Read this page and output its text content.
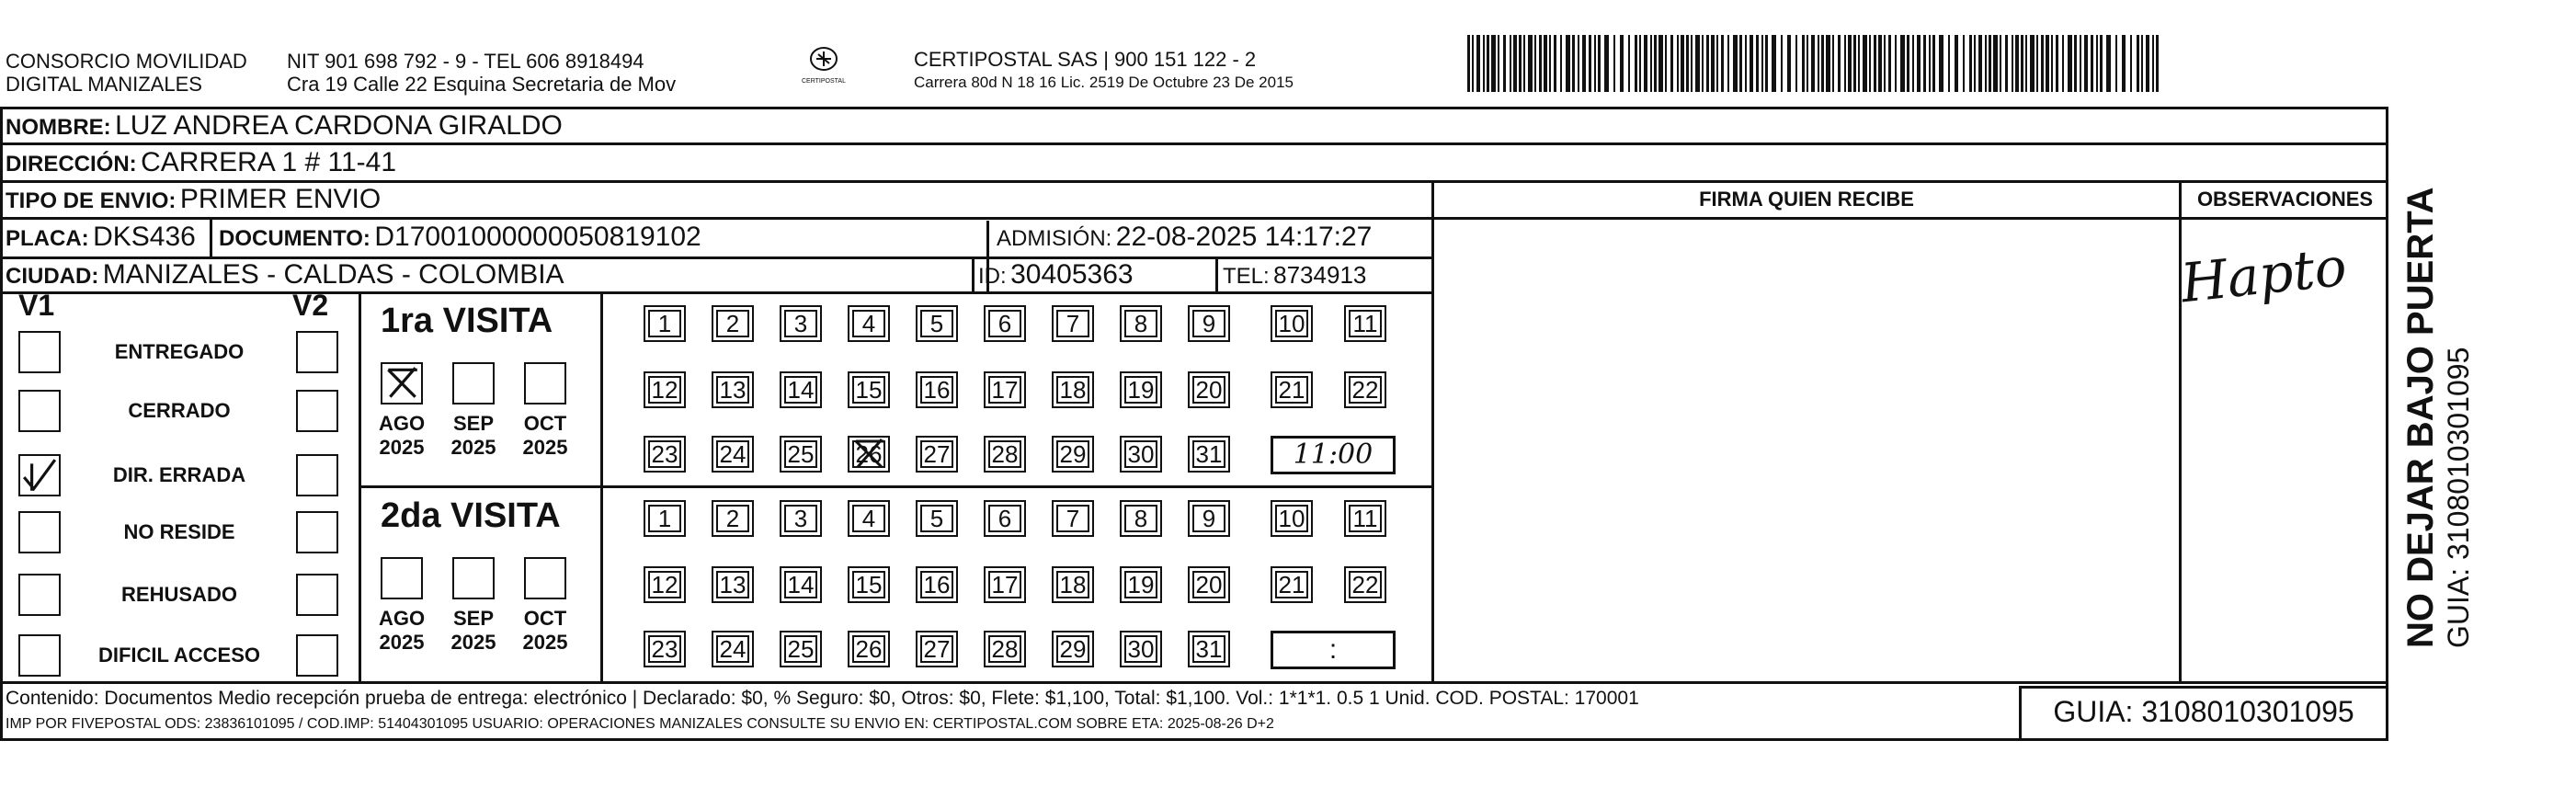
CONSORCIO MOVILIDAD
DIGITAL MANIZALES
NIT 901 698 792 - 9 - TEL 606 8918494
Cra 19 Calle 22 Esquina Secretaria de Mov	CERTIPOSTAL
CERTIPOSTAL SAS | 900 151 122 - 2
Carrera 80d N 18 16 Lic. 2519 De Octubre 23 De 2015
NOMBRE: LUZ ANDREA CARDONA GIRALDO
DIRECCIÓN: CARRERA 1 # 11-41
TIPO DE ENVIO: PRIMER ENVIO
PLACA: DKS436 DOCUMENTO: D17001000000050819102	ADMISIÓN: 22-08-2025 14:17:27
CIUDAD: MANIZALES - CALDAS - COLOMBIA	ID: 30405363	TEL: 8734913
FIRMA QUIEN RECIBE	OBSERVACIONES
Hapto
V1	V2
ENTREGADO
CERRADO
DIR. ERRADA
NO RESIDE
REHUSADO
DIFICIL ACCESO
1ra VISITA
AGO
2025
SEP
2025
OCT
2025
1	2	3	4	5	6	7	8	9	10	11
12	13	14	15	16	17	18	19	20	21	22
23	24	25	26	27	28	29	30	31	11:00
2da VISITA
AGO
2025
SEP
2025
OCT
2025
1	2	3	4	5	6	7	8	9	10	11
12	13	14	15	16	17	18	19	20	21	22
23	24	25	26	27	28	29	30	31	:
Contenido: Documentos Medio recepción prueba de entrega: electrónico | Declarado: $0, % Seguro: $0, Otros: $0, Flete: $1,100, Total: $1,100. Vol.: 1*1*1. 0.5 1 Unid. COD. POSTAL: 170001
IMP POR FIVEPOSTAL ODS: 23836101095 / COD.IMP: 51404301095 USUARIO: OPERACIONES MANIZALES CONSULTE SU ENVIO EN: CERTIPOSTAL.COM SOBRE ETA: 2025-08-26 D+2	GUIA: 3108010301095
NO DEJAR BAJO PUERTA GUIA: 3108010301095
